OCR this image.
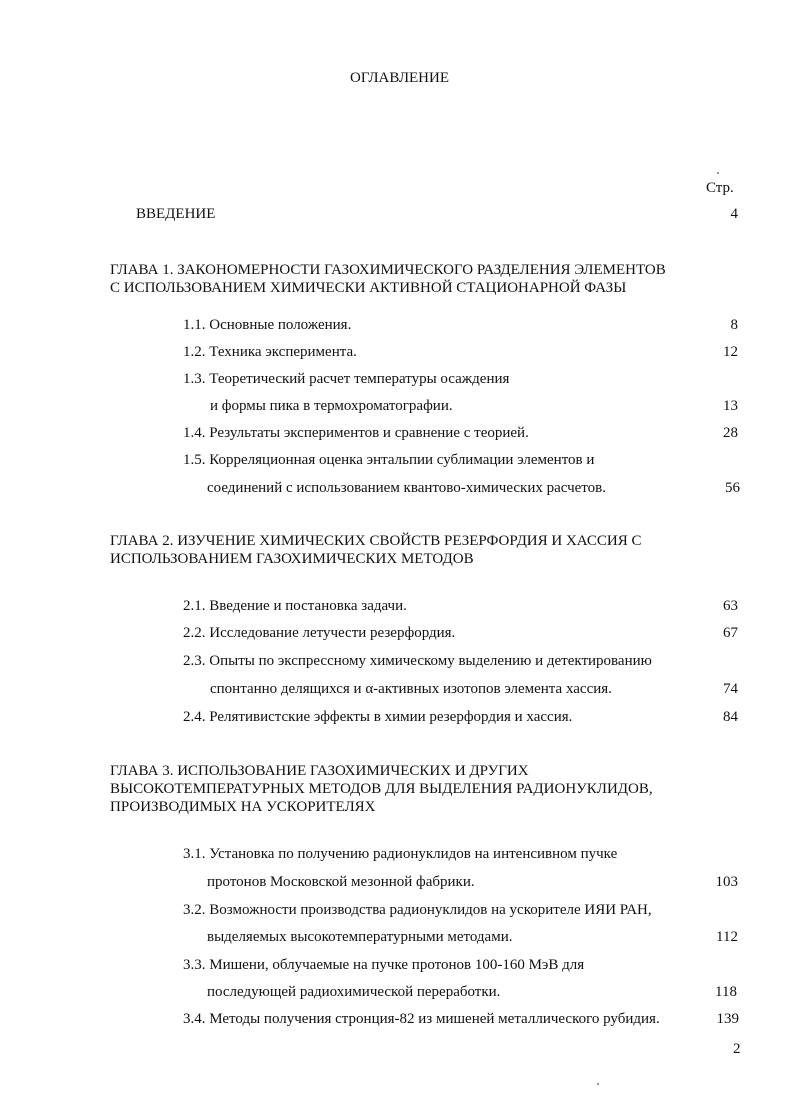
ОГЛАВЛЕНИЕ
Стр.
ВВЕДЕНИЕ	4
ГЛАВА 1. ЗАКОНОМЕРНОСТИ ГАЗОХИМИЧЕСКОГО РАЗДЕЛЕНИЯ ЭЛЕМЕНТОВ
С ИСПОЛЬЗОВАНИЕМ ХИМИЧЕСКИ АКТИВНОЙ СТАЦИОНАРНОЙ ФАЗЫ
1.1. Основные положения.	8
1.2. Техника эксперимента.	12
1.3. Теоретический расчет температуры осаждения
и формы пика в термохроматографии.	13
1.4. Результаты экспериментов и сравнение с теорией.	28
1.5. Корреляционная оценка энтальпии сублимации элементов и
соединений с использованием квантово-химических расчетов.	56
ГЛАВА 2. ИЗУЧЕНИЕ ХИМИЧЕСКИХ СВОЙСТВ РЕЗЕРФОРДИЯ И ХАССИЯ С
ИСПОЛЬЗОВАНИЕМ ГАЗОХИМИЧЕСКИХ МЕТОДОВ
2.1. Введение и постановка задачи.	63
2.2. Исследование летучести резерфордия.	67
2.3. Опыты по экспрессному химическому выделению и детектированию
спонтанно делящихся и α-активных изотопов элемента хассия.	74
2.4. Релятивистские эффекты в химии резерфордия и хассия.	84
ГЛАВА 3. ИСПОЛЬЗОВАНИЕ ГАЗОХИМИЧЕСКИХ И ДРУГИХ
ВЫСОКОТЕМПЕРАТУРНЫХ МЕТОДОВ ДЛЯ ВЫДЕЛЕНИЯ РАДИОНУКЛИДОВ,
ПРОИЗВОДИМЫХ НА УСКОРИТЕЛЯХ
3.1. Установка по получению радионуклидов на интенсивном пучке
протонов Московской мезонной фабрики.	103
3.2. Возможности производства радионуклидов на ускорителе ИЯИ РАН,
выделяемых высокотемпературными методами.	112
3.3. Мишени, облучаемые на пучке протонов 100-160 МэВ для
последующей радиохимической переработки.	118
3.4. Методы получения стронция-82 из мишеней металлического рубидия.	139
2
